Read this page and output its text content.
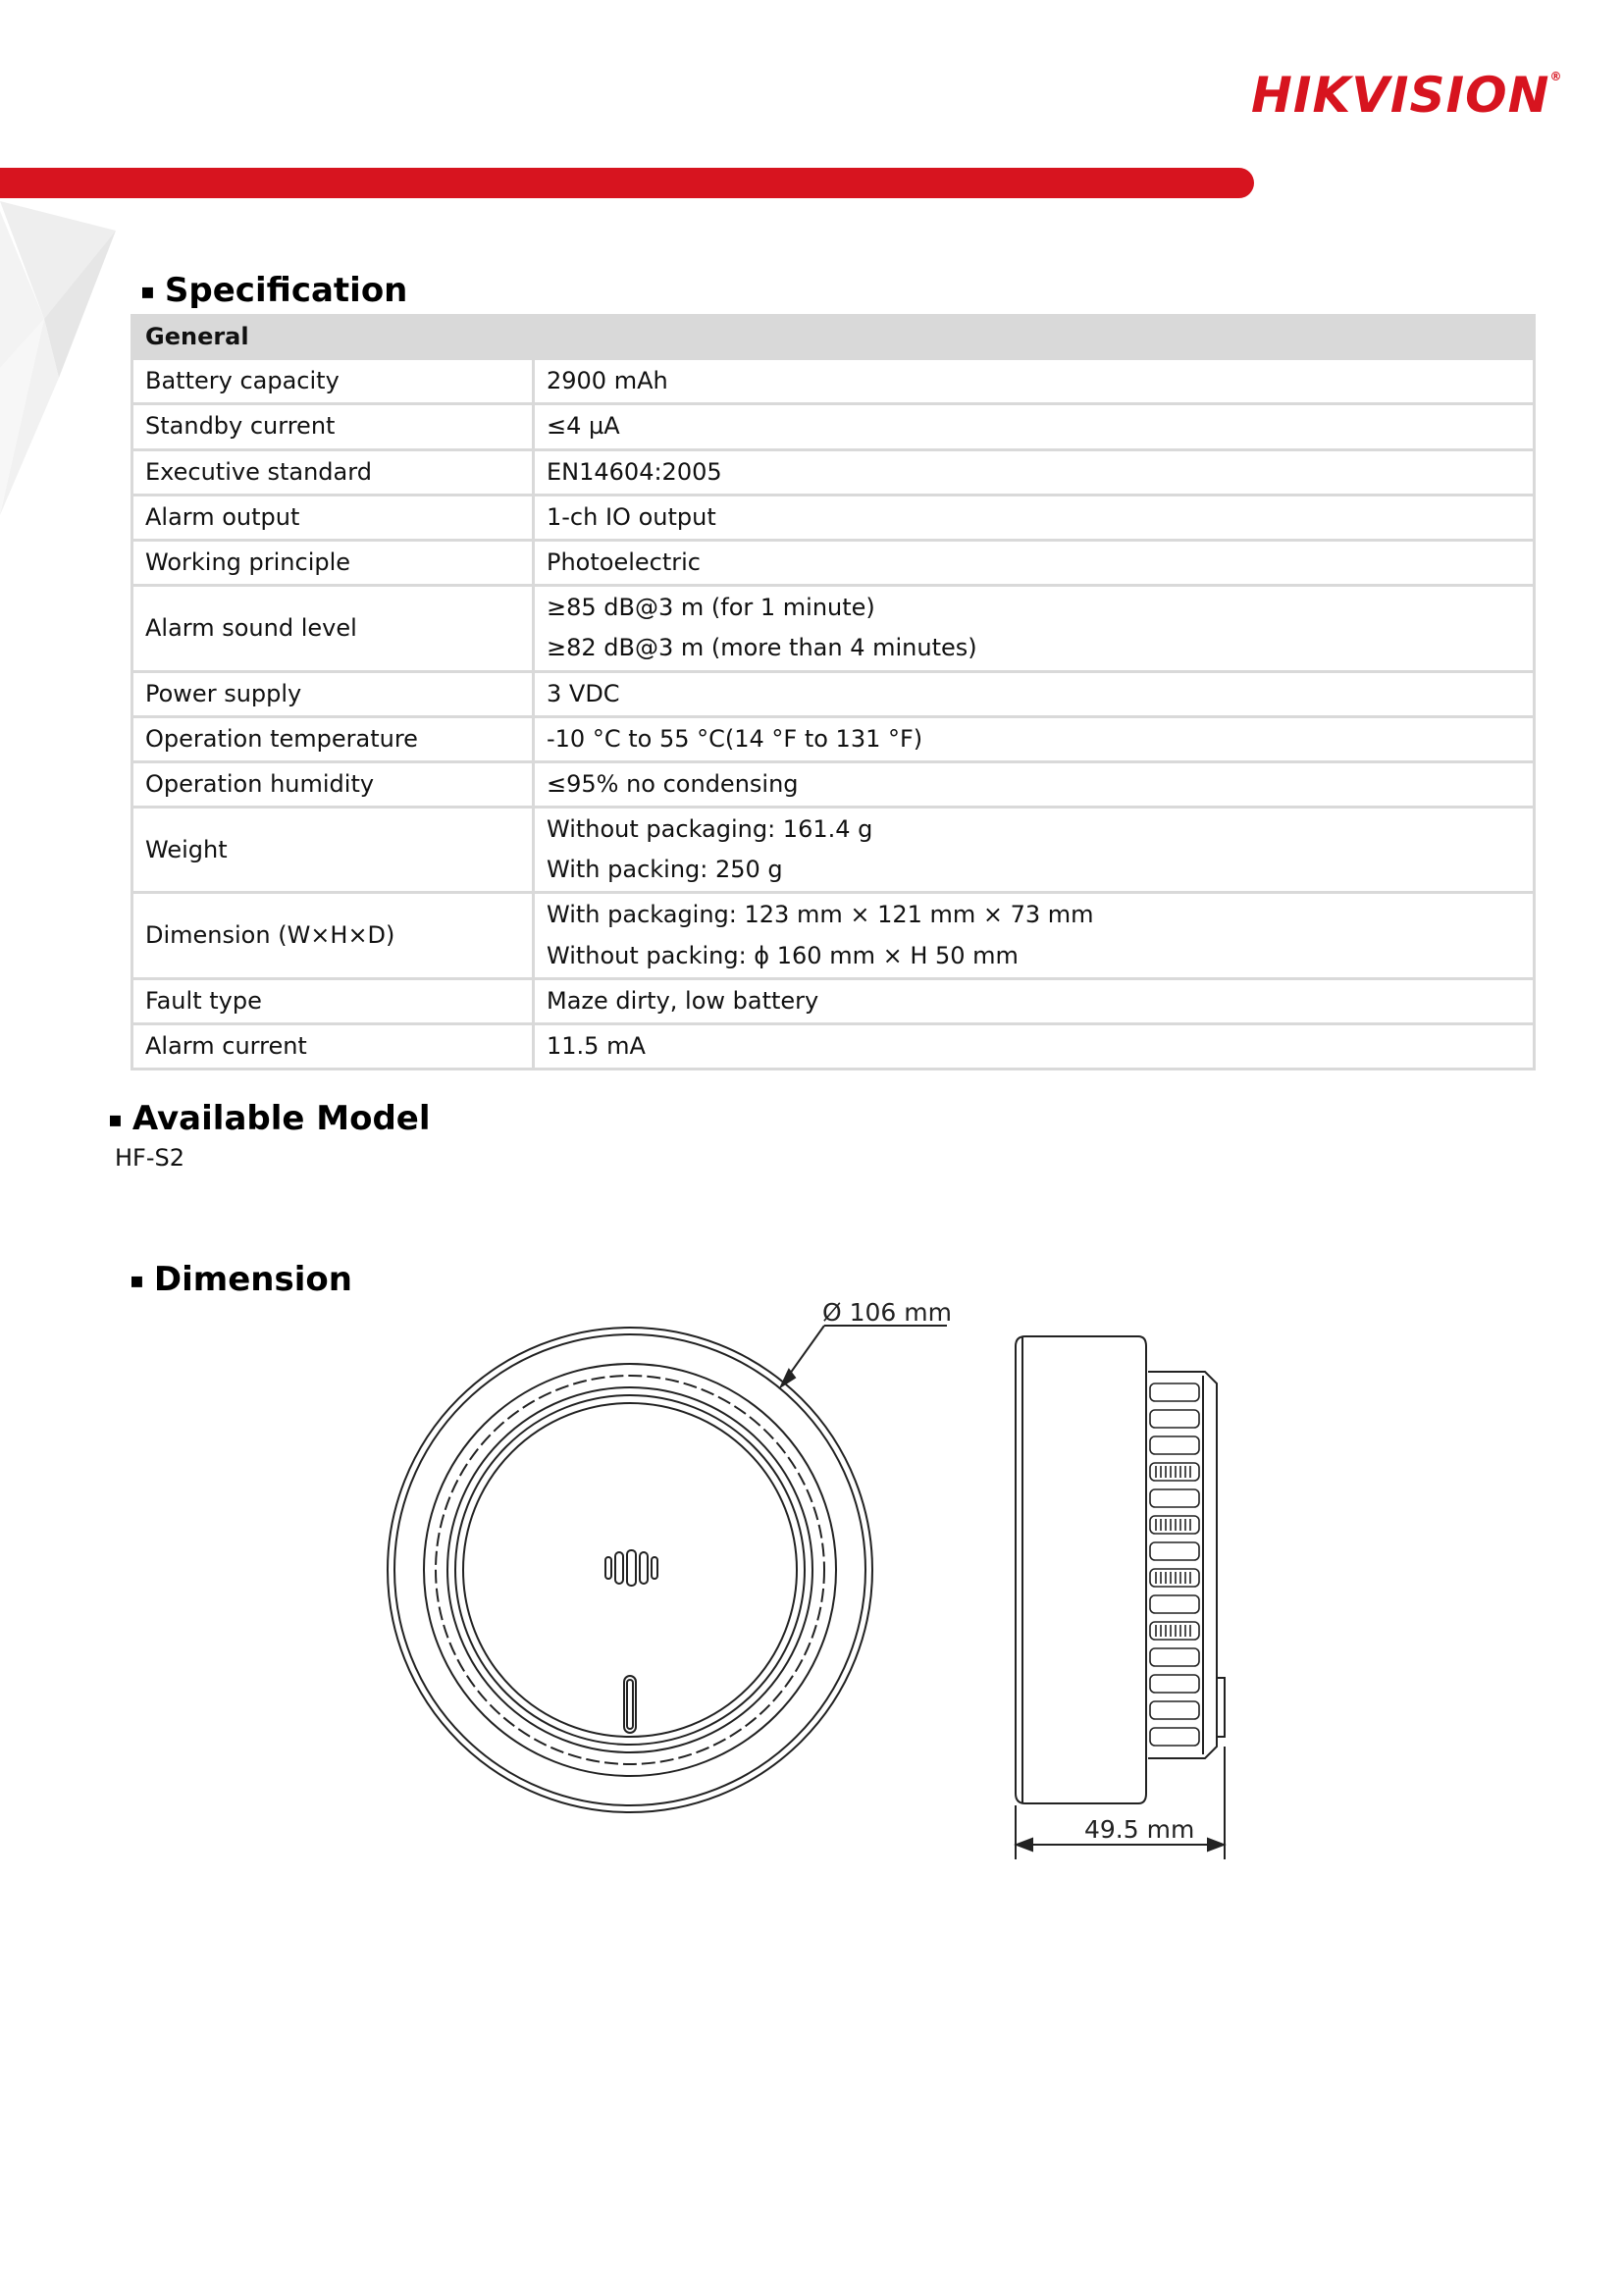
HIKVISION®
▪ Specification
General	
Battery capacity	2900 mAh

Standby current	≤4 µA

Executive standard	EN14604:2005

Alarm output	1-ch IO output

Working principle	Photoelectric

Alarm sound level	≥85 dB@3 m (for 1 minute)
≥82 dB@3 m (more than 4 minutes)

Power supply	3 VDC

Operation temperature	-10 °C to 55 °C(14 °F to 131 °F)

Operation humidity	≤95% no condensing

Weight	Without packaging: 161.4 g
With packing: 250 g

Dimension (W×H×D)	With packaging: 123 mm × 121 mm × 73 mm
Without packing: ϕ 160 mm × H 50 mm

Fault type	Maze dirty, low battery

Alarm current	11.5 mA
▪ Available Model
HF-S2
▪ Dimension
Ø 106 mm
49.5 mm
